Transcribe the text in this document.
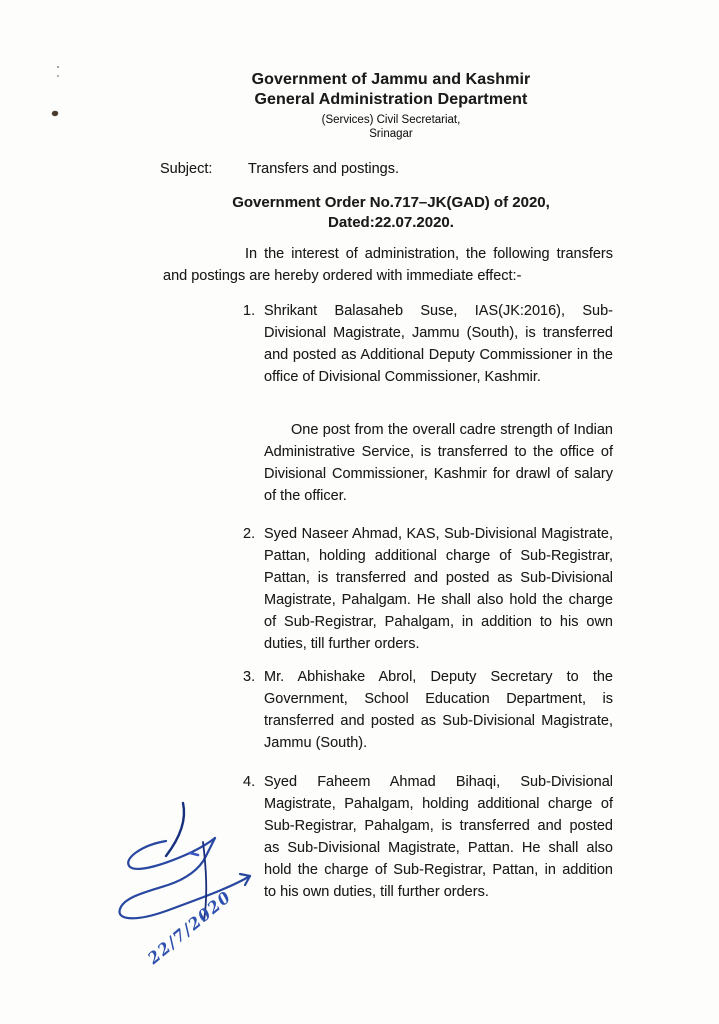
Government of Jammu and Kashmir
General Administration Department
(Services) Civil Secretariat,
Srinagar
Subject: Transfers and postings.
Government Order No.717–JK(GAD) of 2020,
Dated:22.07.2020.

In the interest of administration, the following transfers and postings are hereby ordered with immediate effect:-

1. Shrikant Balasaheb Suse, IAS(JK:2016), Sub-Divisional Magistrate, Jammu (South), is transferred and posted as Additional Deputy Commissioner in the office of Divisional Commissioner, Kashmir.

One post from the overall cadre strength of Indian Administrative Service, is transferred to the office of Divisional Commissioner, Kashmir for drawl of salary of the officer.

2. Syed Naseer Ahmad, KAS, Sub-Divisional Magistrate, Pattan, holding additional charge of Sub-Registrar, Pattan, is transferred and posted as Sub-Divisional Magistrate, Pahalgam. He shall also hold the charge of Sub-Registrar, Pahalgam, in addition to his own duties, till further orders.
3. Mr. Abhishake Abrol, Deputy Secretary to the Government, School Education Department, is transferred and posted as Sub-Divisional Magistrate, Jammu (South).
4. Syed Faheem Ahmad Bihaqi, Sub-Divisional Magistrate, Pahalgam, holding additional charge of Sub-Registrar, Pahalgam, is transferred and posted as Sub-Divisional Magistrate, Pattan. He shall also hold the charge of Sub-Registrar, Pattan, in addition to his own duties, till further orders.
22/7/2020
